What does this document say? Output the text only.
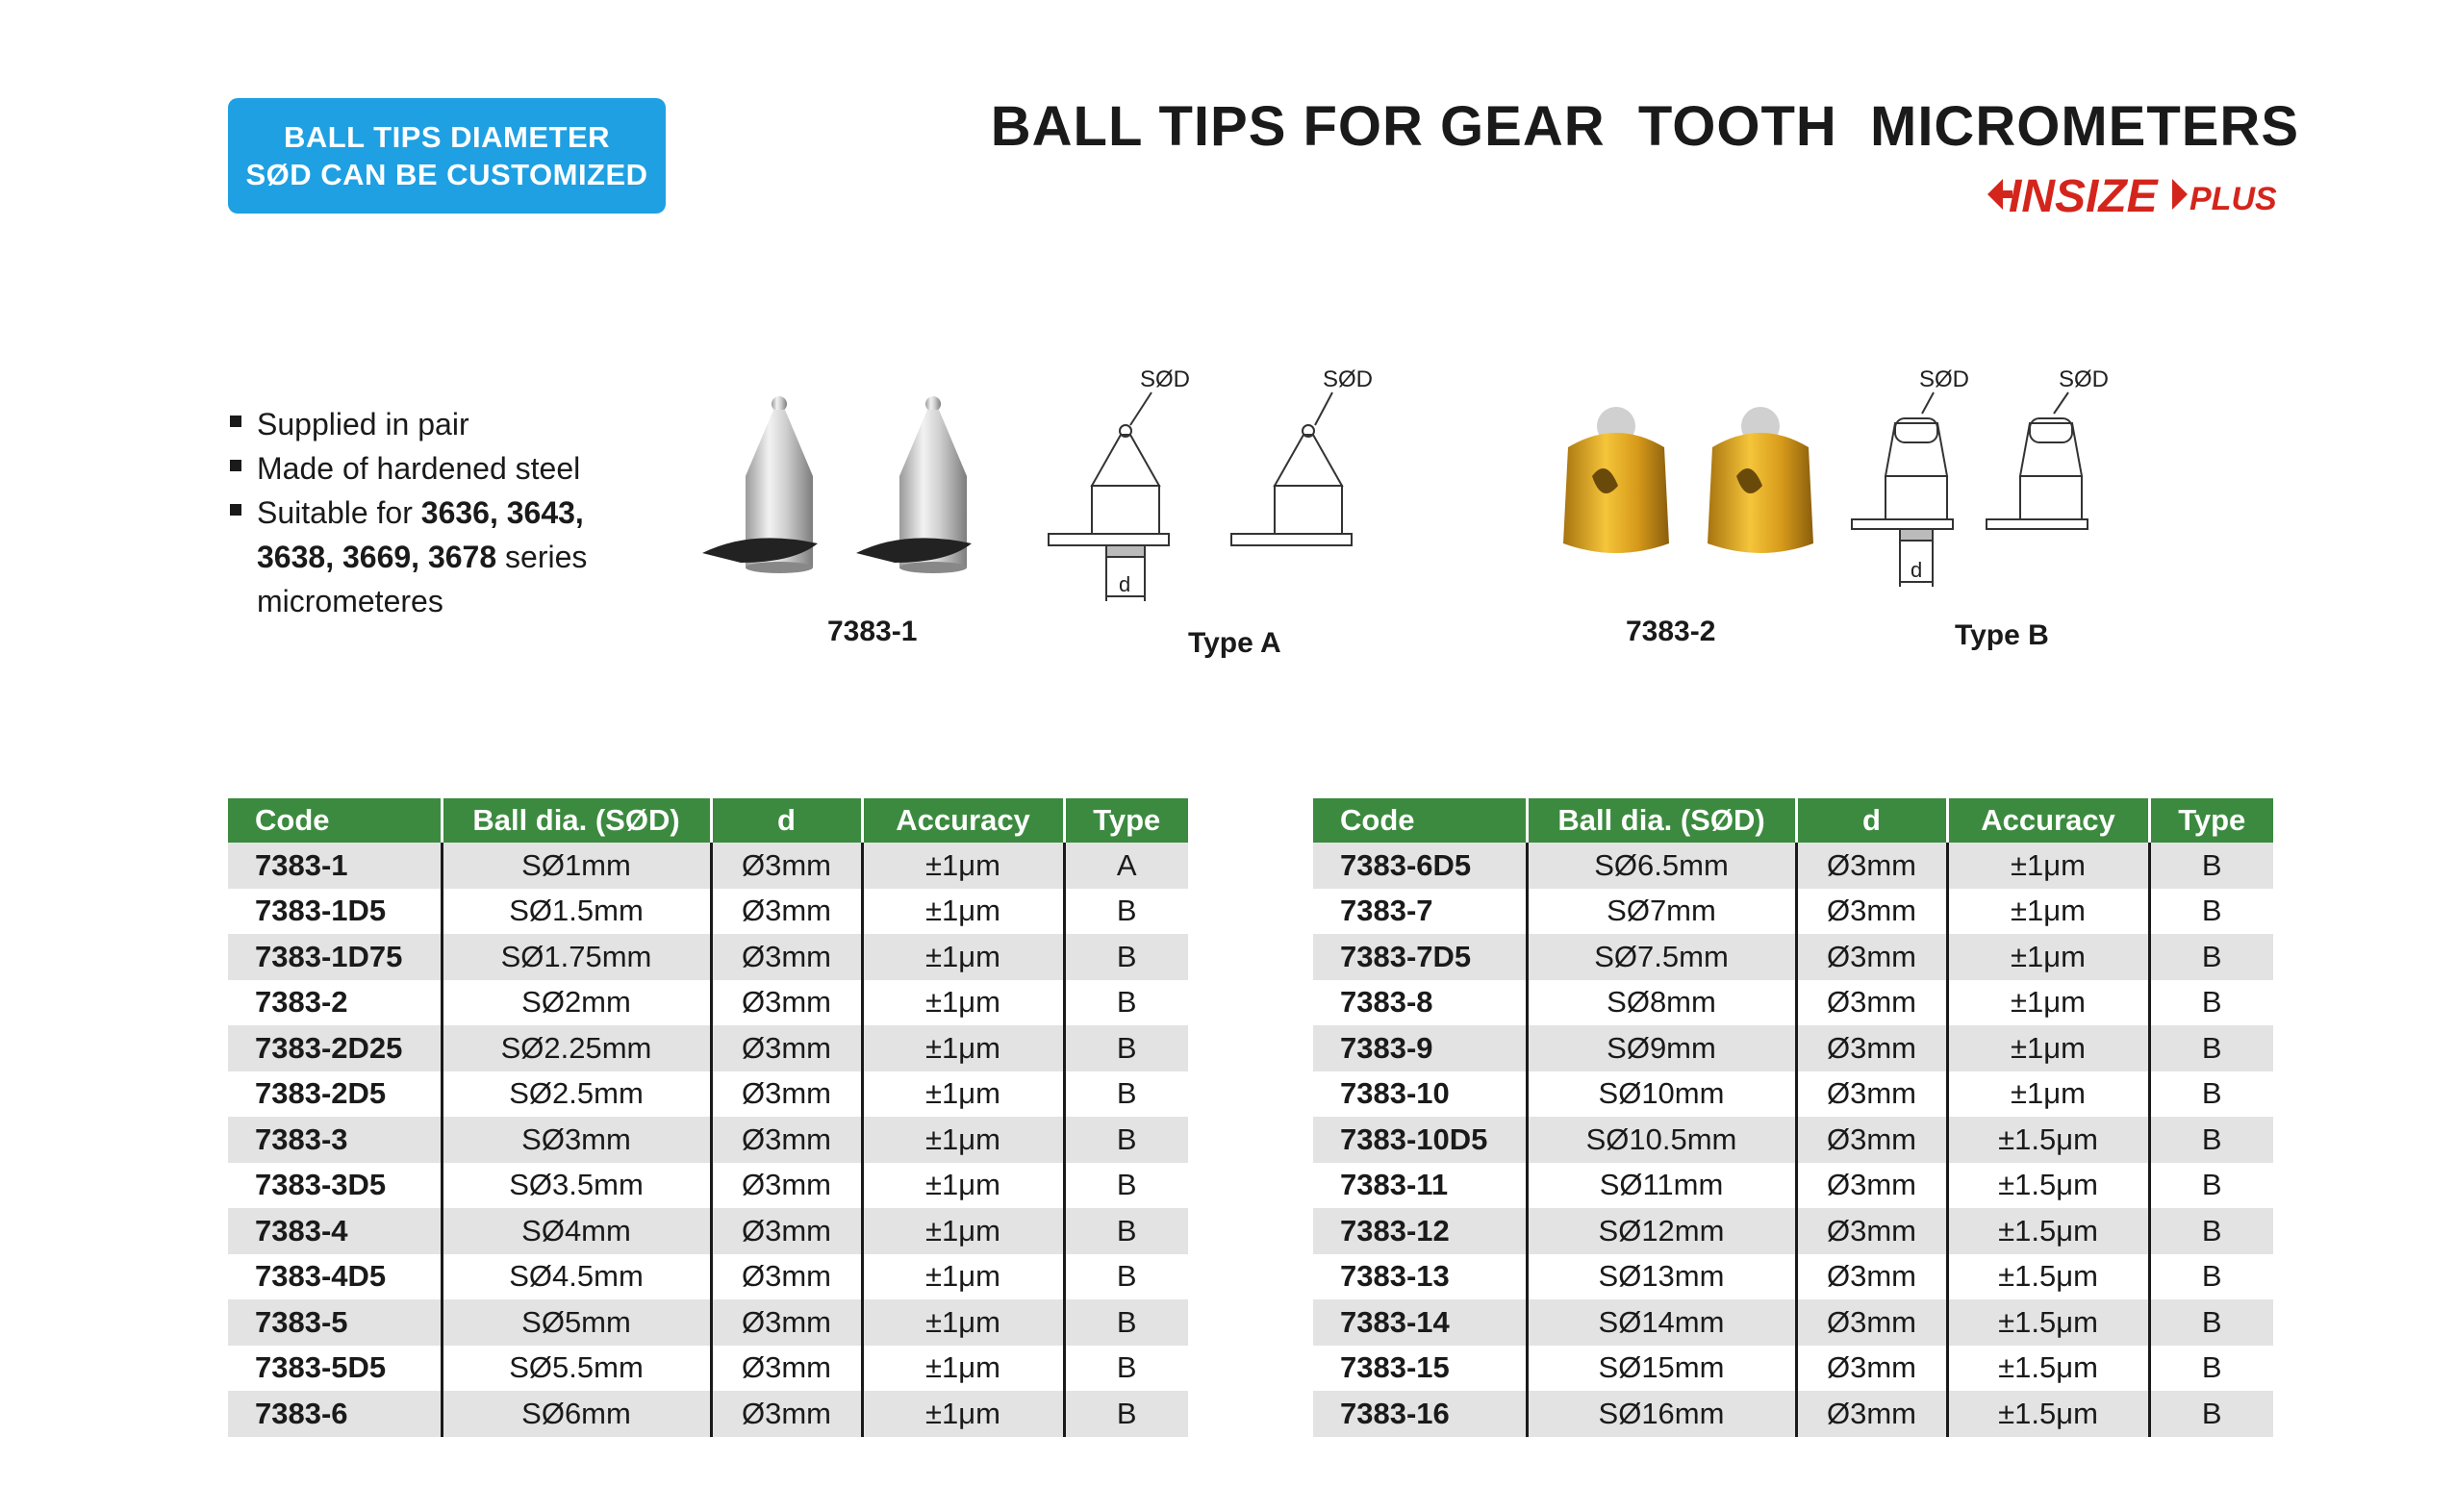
BALL TIPS DIAMETER
SØD CAN BE CUSTOMIZED
BALL TIPS FOR GEAR  TOOTH  MICROMETERS
INSIZE PLUS
Supplied in pair
Made of hardened steel
Suitable for 3636, 3643,
3638, 3669, 3678 series
micrometeres
7383-1
SØD
d
SØD
Type A	7383-2
SØD
d
SØD
Type B
Code	Ball dia. (SØD)	d	Accuracy	Type
7383-1	SØ1mm	Ø3mm	±1μm	A
7383-1D5	SØ1.5mm	Ø3mm	±1μm	B
7383-1D75	SØ1.75mm	Ø3mm	±1μm	B
7383-2	SØ2mm	Ø3mm	±1μm	B
7383-2D25	SØ2.25mm	Ø3mm	±1μm	B
7383-2D5	SØ2.5mm	Ø3mm	±1μm	B
7383-3	SØ3mm	Ø3mm	±1μm	B
7383-3D5	SØ3.5mm	Ø3mm	±1μm	B
7383-4	SØ4mm	Ø3mm	±1μm	B
7383-4D5	SØ4.5mm	Ø3mm	±1μm	B
7383-5	SØ5mm	Ø3mm	±1μm	B
7383-5D5	SØ5.5mm	Ø3mm	±1μm	B
7383-6	SØ6mm	Ø3mm	±1μm	B
Code	Ball dia. (SØD)	d	Accuracy	Type
7383-6D5	SØ6.5mm	Ø3mm	±1μm	B
7383-7	SØ7mm	Ø3mm	±1μm	B
7383-7D5	SØ7.5mm	Ø3mm	±1μm	B
7383-8	SØ8mm	Ø3mm	±1μm	B
7383-9	SØ9mm	Ø3mm	±1μm	B
7383-10	SØ10mm	Ø3mm	±1μm	B
7383-10D5	SØ10.5mm	Ø3mm	±1.5μm	B
7383-11	SØ11mm	Ø3mm	±1.5μm	B
7383-12	SØ12mm	Ø3mm	±1.5μm	B
7383-13	SØ13mm	Ø3mm	±1.5μm	B
7383-14	SØ14mm	Ø3mm	±1.5μm	B
7383-15	SØ15mm	Ø3mm	±1.5μm	B
7383-16	SØ16mm	Ø3mm	±1.5μm	B
